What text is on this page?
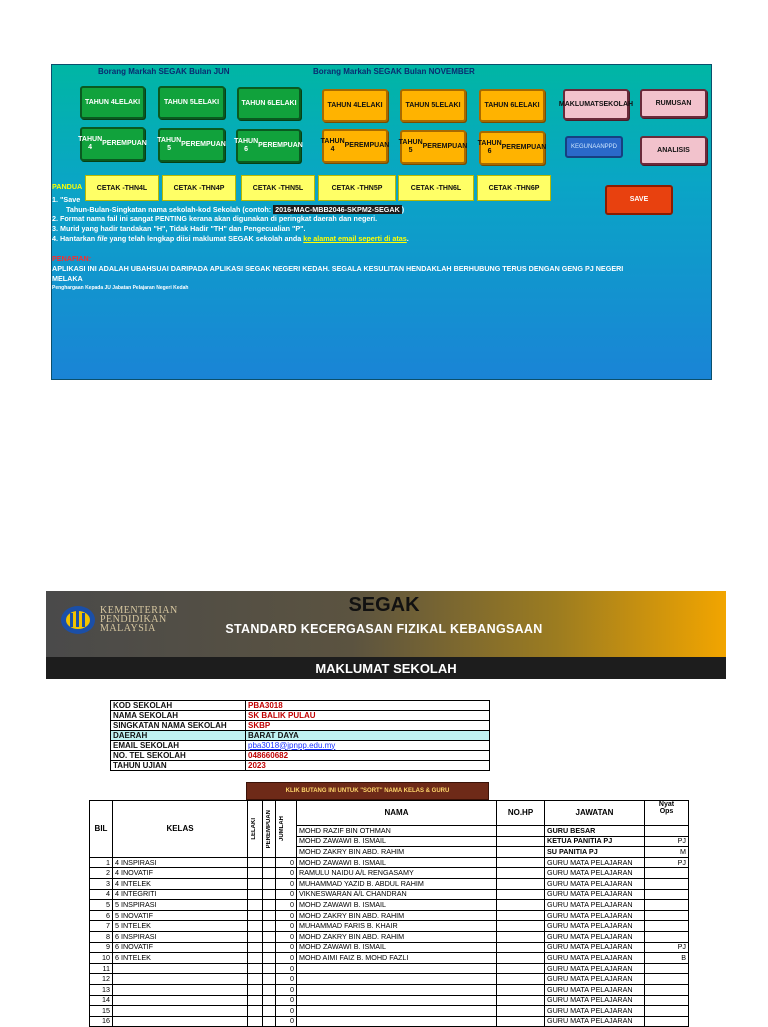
Borang Markah SEGAK Bulan JUN	Borang Markah SEGAK Bulan NOVEMBER
TAHUN 4 LELAKI	TAHUN 5 LELAKI	TAHUN 6 LELAKI
TAHUN 4

PEREMPUAN TAHUN 5

PEREMPUAN TAHUN 6

PEREMPUAN
TAHUN 4 LELAKI	TAHUN 5 LELAKI	TAHUN 6 LELAKI
TAHUN 4

PEREMPUAN TAHUN 5

PEREMPUAN TAHUN 6

PEREMPUAN
MAKLUMAT SEKOLAH	RUMUSAN
KEGUNAAN PPD	ANALISIS
PANDUA
1. "Save
Tahun-Bulan-Singkatan nama sekolah-kod Sekolah (contoh: 2016-MAC-MBB2046-SKPM2-SEGAK )
2. Format nama fail ini sangat PENTING kerana akan digunakan di peringkat daerah dan negeri.
3. Murid yang hadir tandakan "H", Tidak Hadir "TH" dan Pengecualian "P".
4. Hantarkan file yang telah lengkap diisi maklumat SEGAK sekolah anda ke alamat email seperti di atas.
PENAFIAN:
APLIKASI INI ADALAH UBAHSUAI DARIPADA APLIKASI SEGAK NEGERI KEDAH. SEGALA KESULITAN HENDAKLAH BERHUBUNG TERUS DENGAN GENG PJ NEGERI
MELAKA
Penghargaan Kepada JU Jabatan Pelajaran Negeri Kedah
CETAK -THN4L	CETAK -THN4P	CETAK -THN5L	CETAK -THN5P	CETAK -THN6L	CETAK -THN6P
SAVE
KEMENTERIAN
PENDIDIKAN
MALAYSIA
SEGAK
STANDARD KECERGASAN FIZIKAL KEBANGSAAN
MAKLUMAT SEKOLAH
KOD SEKOLAH	PBA3018
NAMA SEKOLAH	SK BALIK PULAU
SINGKATAN NAMA SEKOLAH	SKBP
DAERAH	BARAT DAYA
EMAIL SEKOLAH	pba3018@jpnpp.edu.my
NO. TEL SEKOLAH	048660682
TAHUN UJIAN	2023
KLIK BUTANG INI UNTUK "SORT" NAMA KELAS & GURU
BIL	KELAS	LELAKI	PEREMPUAN	JUMLAH	NAMA	NO.HP	JAWATAN	Nyat
Ops

					MOHD RAZIF BIN OTHMAN		GURU BESAR	
					MOHD ZAWAWI B. ISMAIL		KETUA PANITIA PJ	PJ
					MOHD ZAKRY BIN ABD. RAHIM		SU PANITIA PJ	M
1	4 INSPIRASI			0	MOHD ZAWAWI B. ISMAIL		GURU MATA PELAJARAN	PJ
2	4 INOVATIF			0	RAMULU NAIDU A/L RENGASAMY		GURU MATA PELAJARAN	
3	4 INTELEK			0	MUHAMMAD YAZID B. ABDUL RAHIM		GURU MATA PELAJARAN	
4	4 INTEGRITI			0	VIKNESWARAN A/L CHANDRAN		GURU MATA PELAJARAN	
5	5 INSPIRASI			0	MOHD ZAWAWI B. ISMAIL		GURU MATA PELAJARAN	
6	5 INOVATIF			0	MOHD ZAKRY BIN ABD. RAHIM		GURU MATA PELAJARAN	
7	5 INTELEK			0	MUHAMMAD FARIS B. KHAIR		GURU MATA PELAJARAN	
8	6 INSPIRASI			0	MOHD ZAKRY BIN ABD. RAHIM		GURU MATA PELAJARAN	
9	6 INOVATIF			0	MOHD ZAWAWI B. ISMAIL		GURU MATA PELAJARAN	PJ
10	6 INTELEK			0	MOHD AIMI FAIZ B. MOHD FAZLI		GURU MATA PELAJARAN	B
11				0			GURU MATA PELAJARAN	
12				0			GURU MATA PELAJARAN	
13				0			GURU MATA PELAJARAN	
14				0			GURU MATA PELAJARAN	
15				0			GURU MATA PELAJARAN	
16				0			GURU MATA PELAJARAN	
